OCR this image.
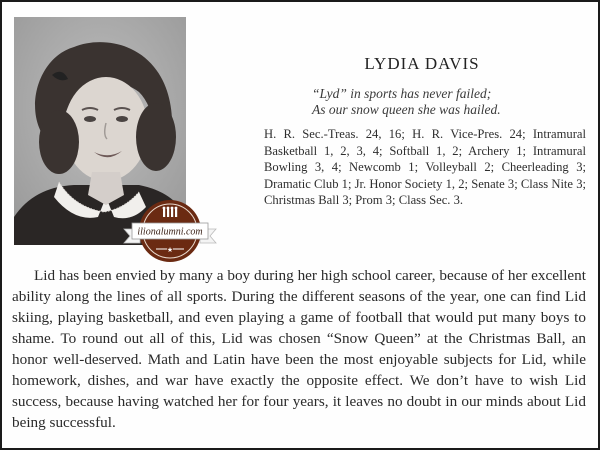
ilionalumni.com
★
LYDIA DAVIS
“Lyd” in sports has never failed;
As our snow queen she was hailed.
H. R. Sec.-Treas. 24, 16; H. R. Vice-Pres. 24; Intramural Basketball 1, 2, 3, 4; Softball 1, 2; Archery 1; Intramural Bowling 3, 4; Newcomb 1; Volleyball 2; Cheerleading 3; Dramatic Club 1; Jr. Honor Society 1, 2; Senate 3; Class Nite 3; Christmas Ball 3; Prom 3; Class Sec. 3.
Lid has been envied by many a boy during her high school career, because of her excellent ability along the lines of all sports. During the different seasons of the year, one can find Lid skiing, playing basketball, and even playing a game of football that would put many boys to shame. To round out all of this, Lid was chosen “Snow Queen” at the Christmas Ball, an honor well-deserved. Math and Latin have been the most enjoyable subjects for Lid, while homework, dishes, and war have exactly the opposite effect. We don’t have to wish Lid success, because having watched her for four years, it leaves no doubt in our minds about Lid being successful.
